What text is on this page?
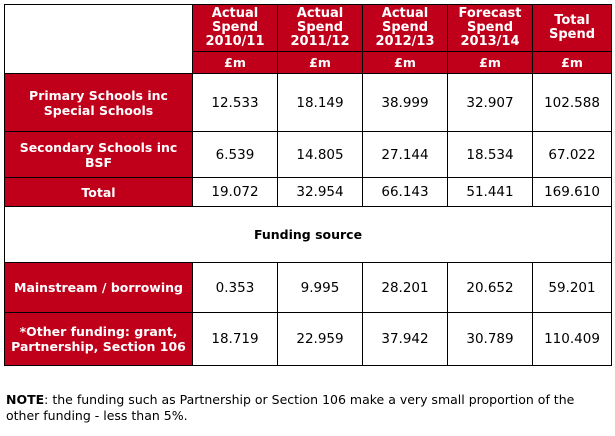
	Actual
Spend
2010/11	Actual
Spend
2011/12	Actual
Spend
2012/13	Forecast
Spend
2013/14	Total
Spend
	£m	£m	£m	£m	£m
Primary Schools inc
Special Schools	12.533	18.149	38.999	32.907	102.588
Secondary Schools inc BSF	6.539	14.805	27.144	18.534	67.022
Total	19.072	32.954	66.143	51.441	169.610
Funding source					
Mainstream / borrowing	0.353	9.995	28.201	20.652	59.201
*Other funding: grant,
Partnership, Section 106	18.719	22.959	37.942	30.789	110.409
NOTE: the funding such as Partnership or Section 106 make a very small proportion of the other funding - less than 5%.
